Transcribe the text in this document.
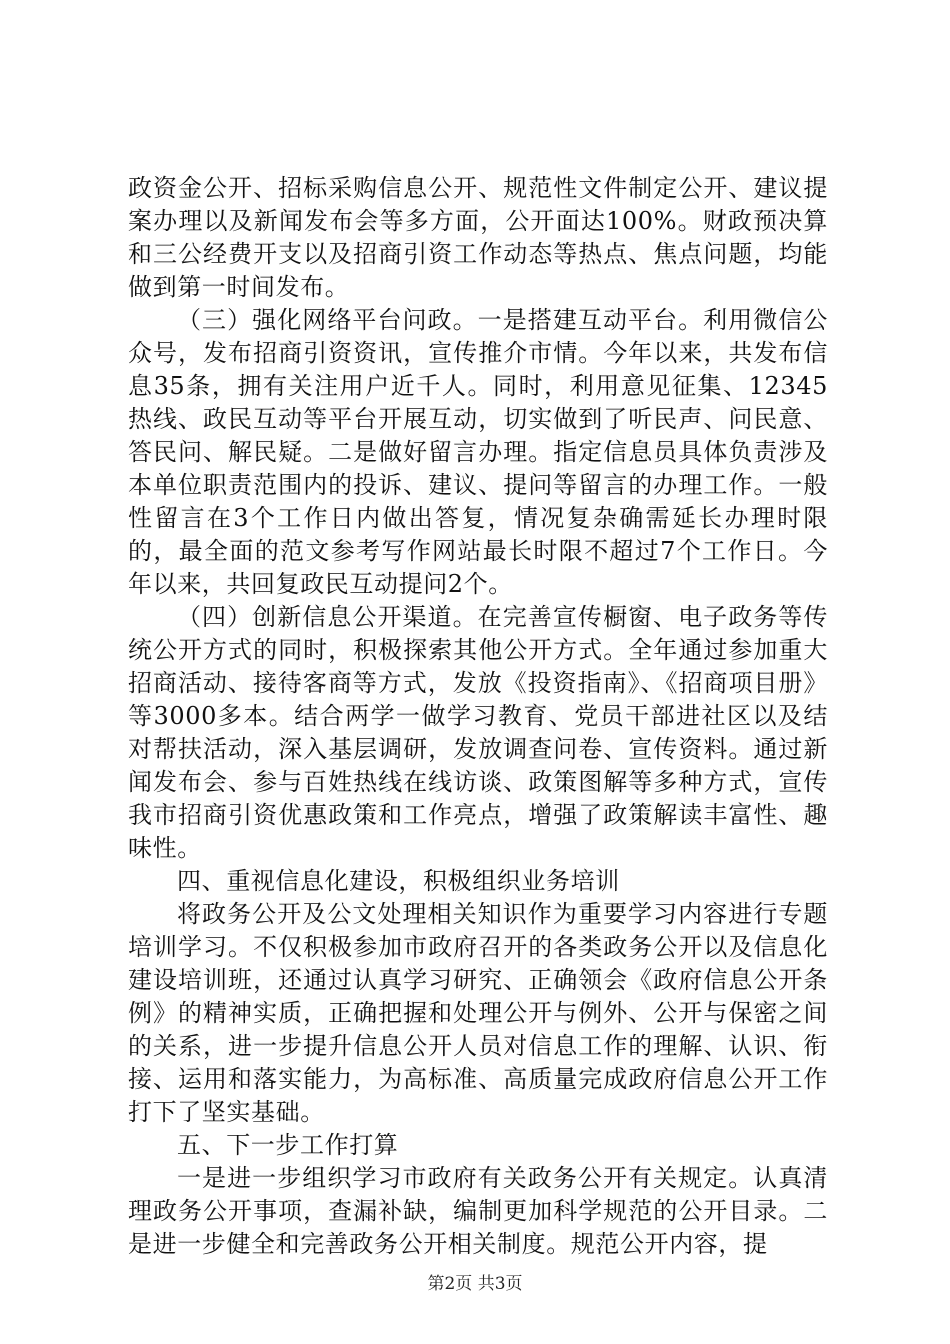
政资金公开、招标采购信息公开、规范性文件制定公开、建议提案办理以及新闻发布会等多方面，公开面达100%。财政预决算和三公经费开支以及招商引资工作动态等热点、焦点问题，均能做到第一时间发布。

（三）强化网络平台问政。一是搭建互动平台。利用微信公众号，发布招商引资资讯，宣传推介市情。今年以来，共发布信息35条，拥有关注用户近千人。同时，利用意见征集、12345热线、政民互动等平台开展互动，切实做到了听民声、问民意、答民问、解民疑。二是做好留言办理。指定信息员具体负责涉及本单位职责范围内的投诉、建议、提问等留言的办理工作。一般性留言在3个工作日内做出答复，情况复杂确需延长办理时限的，最全面的范文参考写作网站最长时限不超过7个工作日。今年以来，共回复政民互动提问2个。

（四）创新信息公开渠道。在完善宣传橱窗、电子政务等传统公开方式的同时，积极探索其他公开方式。全年通过参加重大招商活动、接待客商等方式，发放《投资指南》、《招商项目册》等3000多本。结合两学一做学习教育、党员干部进社区以及结对帮扶活动，深入基层调研，发放调查问卷、宣传资料。通过新闻发布会、参与百姓热线在线访谈、政策图解等多种方式，宣传我市招商引资优惠政策和工作亮点，增强了政策解读丰富性、趣味性。

四、重视信息化建设，积极组织业务培训

将政务公开及公文处理相关知识作为重要学习内容进行专题培训学习。不仅积极参加市政府召开的各类政务公开以及信息化建设培训班，还通过认真学习研究、正确领会《政府信息公开条例》的精神实质，正确把握和处理公开与例外、公开与保密之间的关系，进一步提升信息公开人员对信息工作的理解、认识、衔接、运用和落实能力，为高标准、高质量完成政府信息公开工作打下了坚实基础。

五、下一步工作打算

一是进一步组织学习市政府有关政务公开有关规定。认真清理政务公开事项，查漏补缺，编制更加科学规范的公开目录。二是进一步健全和完善政务公开相关制度。规范公开内容，提

第2页 共3页
